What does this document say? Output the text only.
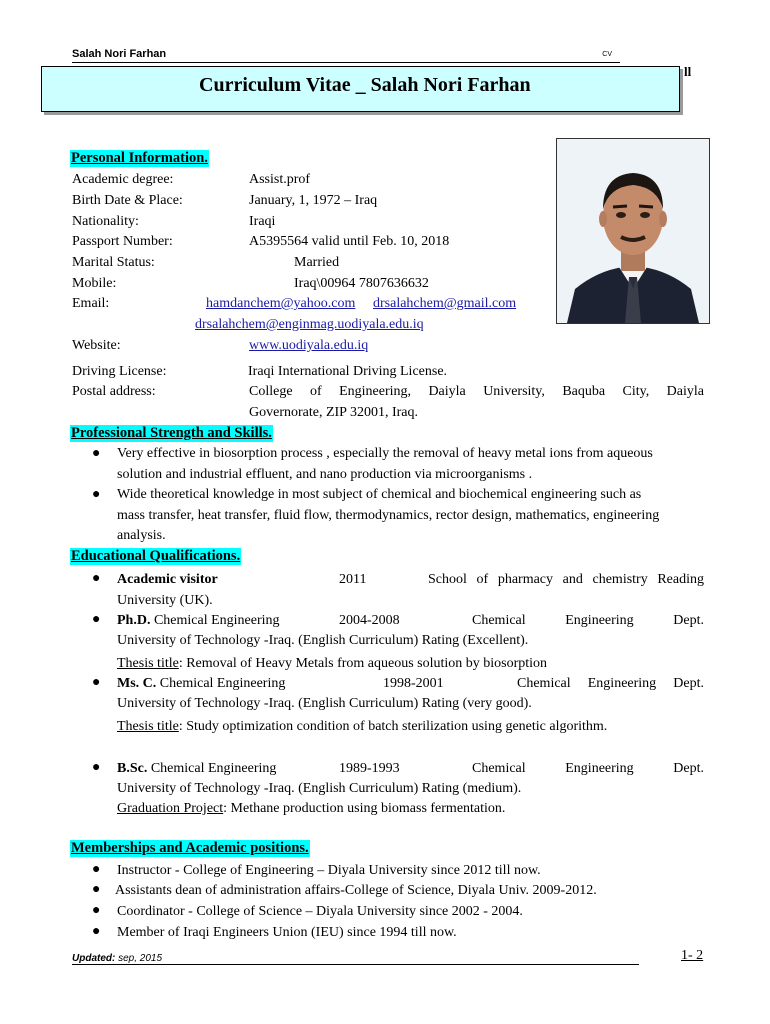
Salah Nori Farhan	CV
Curriculum Vitae _ Salah Nori Farhan
ll
Personal Information.
Academic degree:	Assist.prof
Birth Date & Place:	January, 1, 1972 – Iraq
Nationality:	Iraqi
Passport Number:	A5395564 valid until Feb. 10, 2018
Marital Status:	Married
Mobile:	Iraq\00964 7807636632
Email:	hamdanchem@yahoo.com drsalahchem@gmail.com
drsalahchem@enginmag.uodiyala.edu.iq
Website:	www.uodiyala.edu.iq
Driving License:	Iraqi International Driving License.
Postal address:	College of Engineering, Daiyla University, Baquba City, Daiyla
Governorate, ZIP 32001, Iraq.
Professional Strength and Skills.
● Very effective in biosorption process , especially the removal of heavy metal ions from aqueous
solution and industrial effluent, and nano production via microorganisms .
● Wide theoretical knowledge in most subject of chemical and biochemical engineering such as
mass transfer, heat transfer, fluid flow, thermodynamics, rector design, mathematics, engineering
analysis.
Educational Qualifications.
● Academic visitor	2011	School of pharmacy and chemistry Reading
University (UK).
● Ph.D. Chemical Engineering	2004-2008	Chemical Engineering Dept.
University of Technology -Iraq. (English Curriculum) Rating (Excellent).
Thesis title: Removal of Heavy Metals from aqueous solution by biosorption
● Ms. C. Chemical Engineering	1998-2001	Chemical Engineering Dept.
University of Technology -Iraq. (English Curriculum) Rating (very good).
Thesis title: Study optimization condition of batch sterilization using genetic algorithm.
● B.Sc. Chemical Engineering	1989-1993	Chemical Engineering Dept.
University of Technology -Iraq. (English Curriculum) Rating (medium).
Graduation Project: Methane production using biomass fermentation.
Memberships and Academic positions.
● Instructor - College of Engineering – Diyala University since 2012 till now.
● Assistants dean of administration affairs-College of Science, Diyala Univ. 2009-2012.
● Coordinator - College of Science – Diyala University since 2002 - 2004.
● Member of Iraqi Engineers Union (IEU) since 1994 till now.
Updated: sep, 2015	1- 2
